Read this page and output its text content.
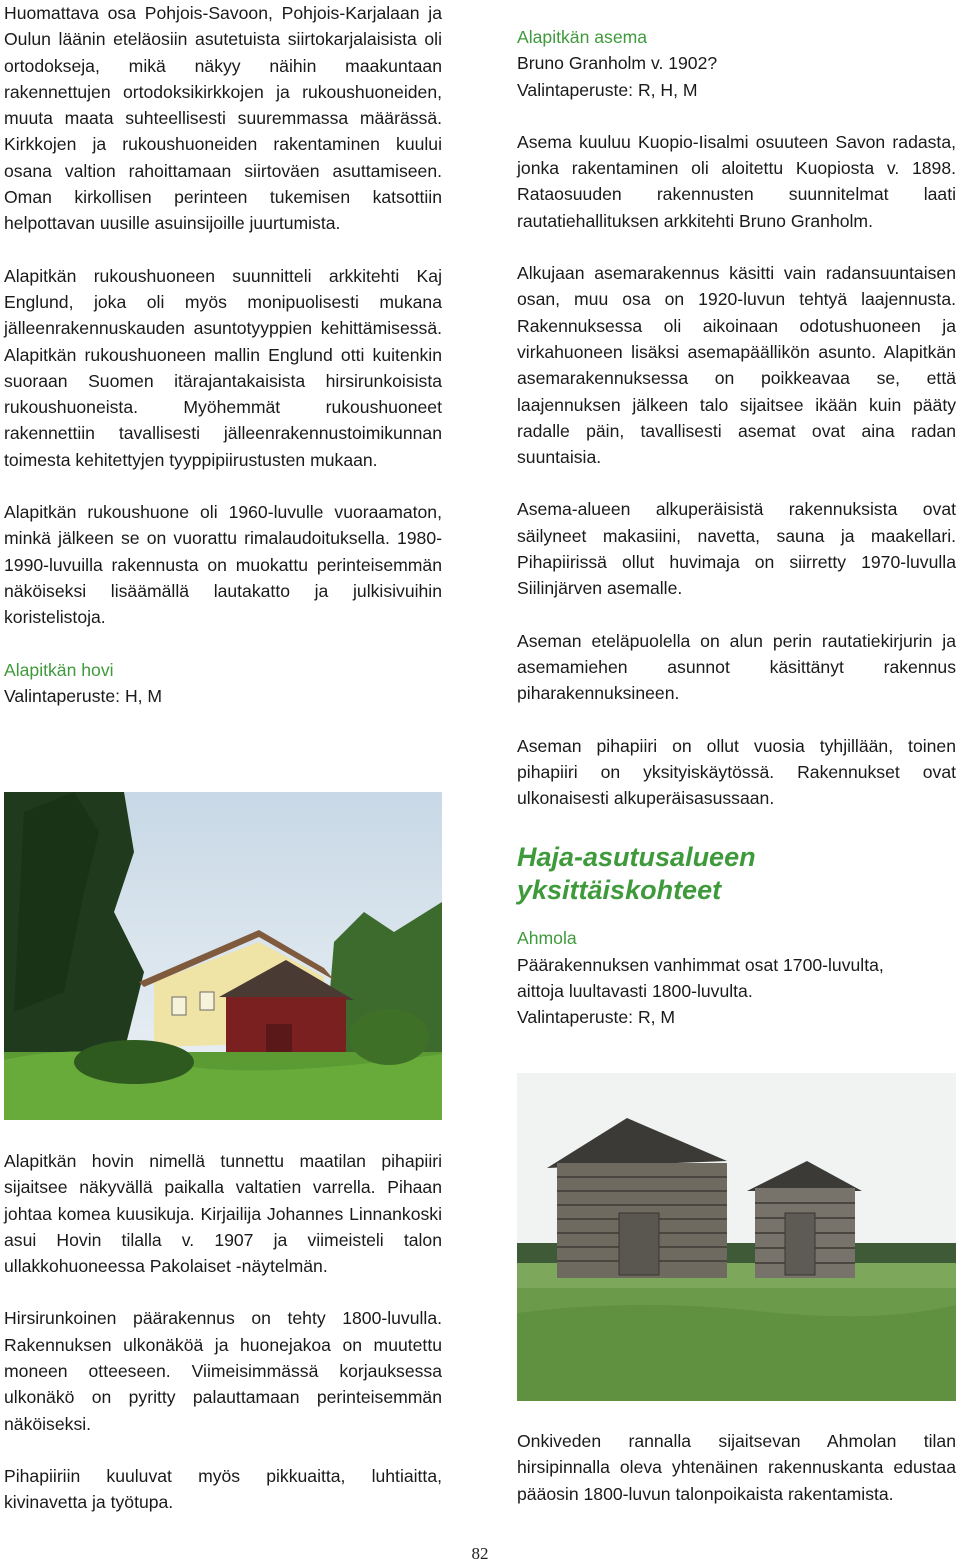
Huomattava osa Pohjois-Savoon, Pohjois-Karjalaan ja Oulun läänin eteläosiin asutetuista siirtokarjalaisista oli ortodokseja, mikä näkyy näihin maakuntaan rakennettujen ortodoksikirkkojen ja rukoushuoneiden, muuta maata suhteellisesti suuremmassa määrässä. Kirkkojen ja rukoushuoneiden rakentaminen kuului osana valtion rahoittamaan siirtoväen asuttamiseen. Oman kirkollisen perinteen tukemisen katsottiin helpottavan uusille asuinsijoille juurtumista.

Alapitkän rukoushuoneen suunnitteli arkkitehti Kaj Englund, joka oli myös monipuolisesti mukana jälleenrakennuskauden asuntotyyppien kehittämisessä. Alapitkän rukoushuoneen mallin Englund otti kuitenkin suoraan Suomen itärajantakaisista hirsirunkoisista rukoushuoneista. Myöhemmät rukoushuoneet rakennettiin tavallisesti jälleenrakennustoimikunnan toimesta kehitettyjen tyyppipiirustusten mukaan.

Alapitkän rukoushuone oli 1960-luvulle vuoraamaton, minkä jälkeen se on vuorattu rimalaudoituksella. 1980-1990-luvuilla rakennusta on muokattu perinteisemmän näköiseksi lisäämällä lautakatto ja julkisivuihin koristelistoja.

Alapitkän hovi
Valintaperuste: H, M

Alapitkän hovin nimellä tunnettu maatilan pihapiiri sijaitsee näkyvällä paikalla valtatien varrella. Pihaan johtaa komea kuusikuja. Kirjailija Johannes Linnankoski asui Hovin tilalla v. 1907 ja viimeisteli talon ullakkohuoneessa Pakolaiset -näytelmän.

Hirsirunkoinen päärakennus on tehty 1800-luvulla. Rakennuksen ulkonäköä ja huonejakoa on muutettu moneen otteeseen. Viimeisimmässä korjauksessa ulkonäkö on pyritty palauttamaan perinteisemmän näköiseksi.

Pihapiiriin kuuluvat myös pikkuaitta, luhtiaitta, kivinavetta ja työtupa.

Alapitkän asema
Bruno Granholm v. 1902?

Valintaperuste: R, H, M

Asema kuuluu Kuopio-Iisalmi osuuteen Savon radasta, jonka rakentaminen oli aloitettu Kuopiosta v. 1898. Rataosuuden rakennusten suunnitelmat laati rautatiehallituksen arkkitehti Bruno Granholm.

Alkujaan asemarakennus käsitti vain radansuuntaisen osan, muu osa on 1920-luvun tehtyä laajennusta. Rakennuksessa oli aikoinaan odotushuoneen ja virkahuoneen lisäksi asemapäällikön asunto. Alapitkän asemarakennuksessa on poikkeavaa se, että laajennuksen jälkeen talo sijaitsee ikään kuin pääty radalle päin, tavallisesti asemat ovat aina radan suuntaisia.

Asema-alueen alkuperäisistä rakennuksista ovat säilyneet makasiini, navetta, sauna ja maakellari. Pihapiirissä ollut huvimaja on siirretty 1970-luvulla Siilinjärven asemalle.

Aseman eteläpuolella on alun perin rautatiekirjurin ja asemamiehen asunnot käsittänyt rakennus piharakennuksineen.

Aseman pihapiiri on ollut vuosia tyhjillään, toinen pihapiiri on yksityiskäytössä. Rakennukset ovat ulkonaisesti alkuperäisasussaan.

Haja-asutusalueen yksittäiskohteet
Ahmola
Päärakennuksen vanhimmat osat 1700-luvulta,
aittoja luultavasti 1800-luvulta.
Valintaperuste: R, M

Onkiveden rannalla sijaitsevan Ahmolan tilan hirsipinnalla oleva yhtenäinen rakennuskanta edustaa pääosin 1800-luvun talonpoikaista rakentamista.

82
